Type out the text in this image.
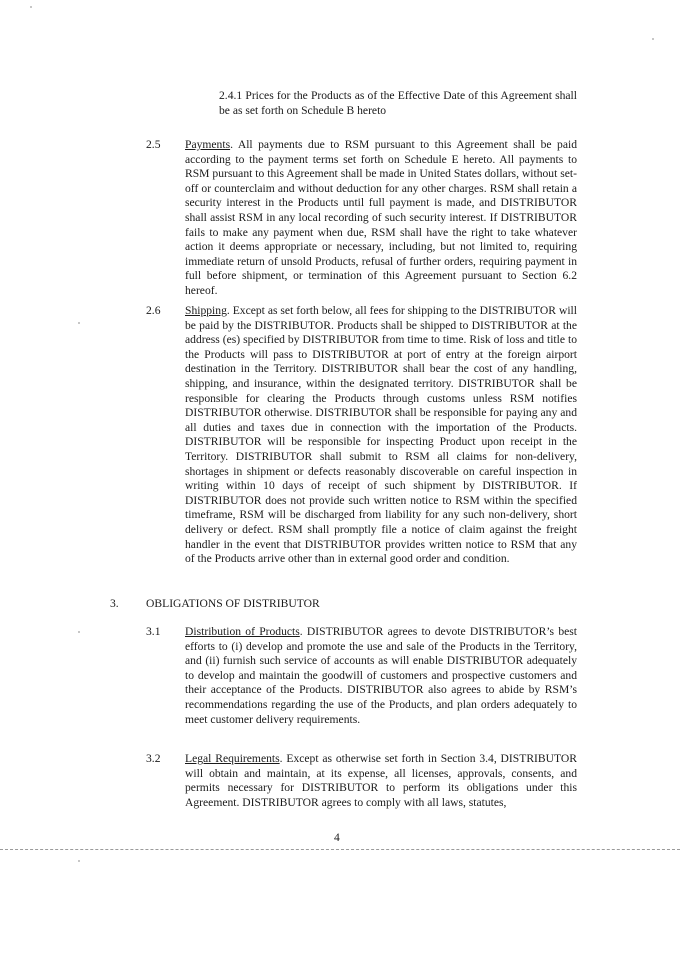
2.4.1 Prices for the Products as of the Effective Date of this Agreement shall be as set forth on Schedule B hereto
2.5 Payments. All payments due to RSM pursuant to this Agreement shall be paid according to the payment terms set forth on Schedule E hereto. All payments to RSM pursuant to this Agreement shall be made in United States dollars, without set-off or counterclaim and without deduction for any other charges. RSM shall retain a security interest in the Products until full payment is made, and DISTRIBUTOR shall assist RSM in any local recording of such security interest. If DISTRIBUTOR fails to make any payment when due, RSM shall have the right to take whatever action it deems appropriate or necessary, including, but not limited to, requiring immediate return of unsold Products, refusal of further orders, requiring payment in full before shipment, or termination of this Agreement pursuant to Section 6.2 hereof.
2.6 Shipping. Except as set forth below, all fees for shipping to the DISTRIBUTOR will be paid by the DISTRIBUTOR. Products shall be shipped to DISTRIBUTOR at the address (es) specified by DISTRIBUTOR from time to time. Risk of loss and title to the Products will pass to DISTRIBUTOR at port of entry at the foreign airport destination in the Territory. DISTRIBUTOR shall bear the cost of any handling, shipping, and insurance, within the designated territory. DISTRIBUTOR shall be responsible for clearing the Products through customs unless RSM notifies DISTRIBUTOR otherwise. DISTRIBUTOR shall be responsible for paying any and all duties and taxes due in connection with the importation of the Products. DISTRIBUTOR will be responsible for inspecting Product upon receipt in the Territory. DISTRIBUTOR shall submit to RSM all claims for non-delivery, shortages in shipment or defects reasonably discoverable on careful inspection in writing within 10 days of receipt of such shipment by DISTRIBUTOR. If DISTRIBUTOR does not provide such written notice to RSM within the specified timeframe, RSM will be discharged from liability for any such non-delivery, short delivery or defect. RSM shall promptly file a notice of claim against the freight handler in the event that DISTRIBUTOR provides written notice to RSM that any of the Products arrive other than in external good order and condition.
3. OBLIGATIONS OF DISTRIBUTOR
3.1 Distribution of Products. DISTRIBUTOR agrees to devote DISTRIBUTOR’s best efforts to (i) develop and promote the use and sale of the Products in the Territory, and (ii) furnish such service of accounts as will enable DISTRIBUTOR adequately to develop and maintain the goodwill of customers and prospective customers and their acceptance of the Products. DISTRIBUTOR also agrees to abide by RSM’s recommendations regarding the use of the Products, and plan orders adequately to meet customer delivery requirements.
3.2 Legal Requirements. Except as otherwise set forth in Section 3.4, DISTRIBUTOR will obtain and maintain, at its expense, all licenses, approvals, consents, and permits necessary for DISTRIBUTOR to perform its obligations under this Agreement. DISTRIBUTOR agrees to comply with all laws, statutes,
4
